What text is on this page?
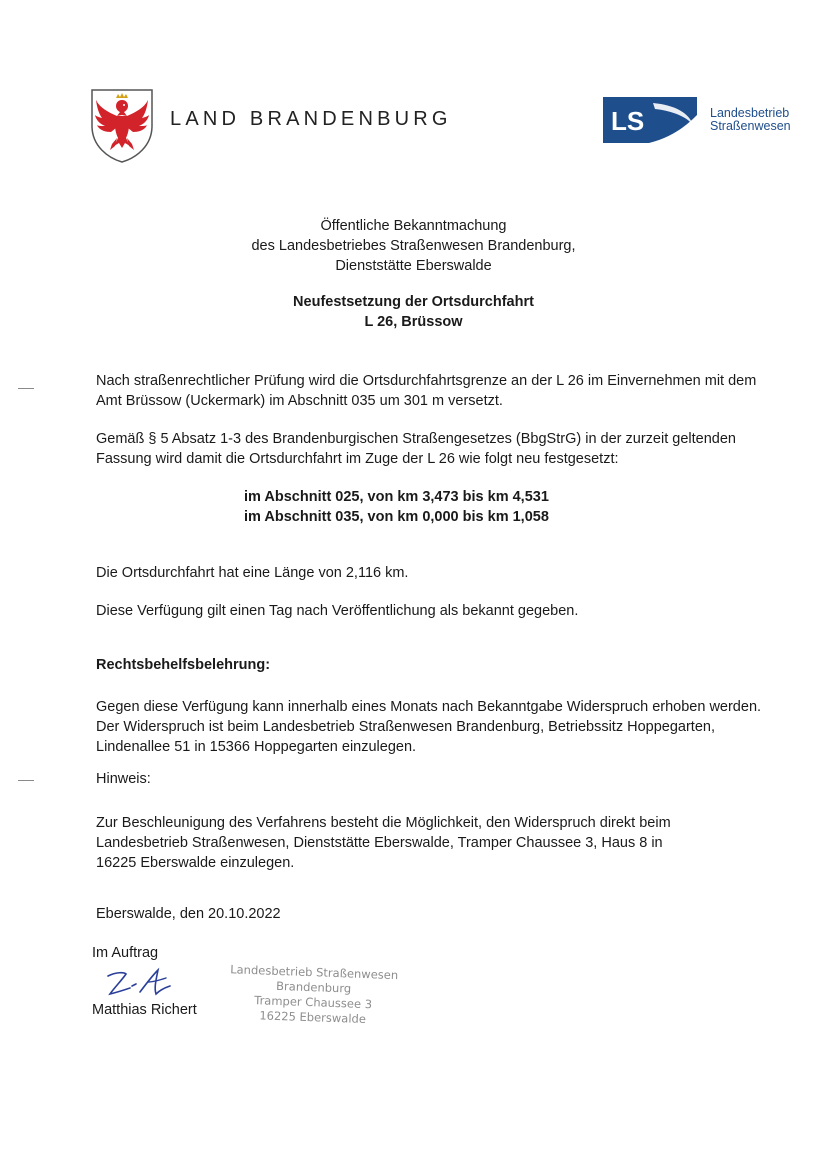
LAND BRANDENBURG	LS	Landesbetrieb
Straßenwesen
Öffentliche Bekanntmachung
des Landesbetriebes Straßenwesen Brandenburg,
Dienststätte Eberswalde
Neufestsetzung der Ortsdurchfahrt
L 26, Brüssow
Nach straßenrechtlicher Prüfung wird die Ortsdurchfahrtsgrenze an der L 26 im Einvernehmen mit dem
Amt Brüssow (Uckermark) im Abschnitt 035 um 301 m versetzt.
Gemäß § 5 Absatz 1-3 des Brandenburgischen Straßengesetzes (BbgStrG) in der zurzeit geltenden
Fassung wird damit die Ortsdurchfahrt im Zuge der L 26 wie folgt neu festgesetzt:
im Abschnitt 025, von km 3,473 bis km 4,531
im Abschnitt 035, von km 0,000 bis km 1,058
Die Ortsdurchfahrt hat eine Länge von 2,116 km.
Diese Verfügung gilt einen Tag nach Veröffentlichung als bekannt gegeben.
Rechtsbehelfsbelehrung:
Gegen diese Verfügung kann innerhalb eines Monats nach Bekanntgabe Widerspruch erhoben werden.
Der Widerspruch ist beim Landesbetrieb Straßenwesen Brandenburg, Betriebssitz Hoppegarten,
Lindenallee 51 in 15366 Hoppegarten einzulegen.
Hinweis:
Zur Beschleunigung des Verfahrens besteht die Möglichkeit, den Widerspruch direkt beim
Landesbetrieb Straßenwesen, Dienststätte Eberswalde, Tramper Chaussee 3, Haus 8 in
16225 Eberswalde einzulegen.
Eberswalde, den 20.10.2022
Im Auftrag
Matthias Richert
Landesbetrieb Straßenwesen
Brandenburg
Tramper Chaussee 3
16225 Eberswalde
